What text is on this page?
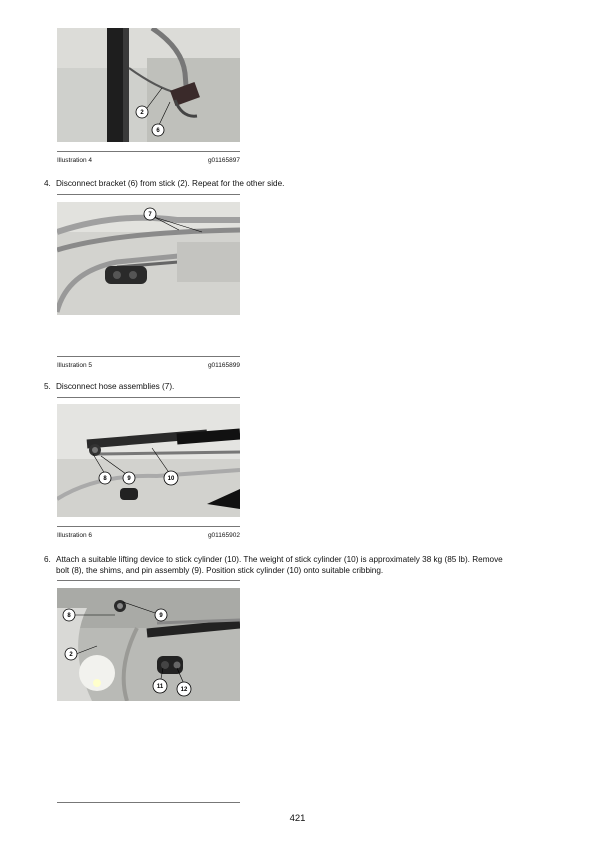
2
6
Illustration 4	g01165897
4. Disconnect bracket (6) from stick (2). Repeat for the other side.
7
Illustration 5	g01165899
5. Disconnect hose assemblies (7).
8	9	10
Illustration 6	g01165902
6. Attach a suitable lifting device to stick cylinder (10). The weight of stick cylinder (10) is approximately 38 kg (85 lb). Remove
bolt (8), the shims, and pin assembly (9). Position stick cylinder (10) onto suitable cribbing.
8	9
2
11	12
421
